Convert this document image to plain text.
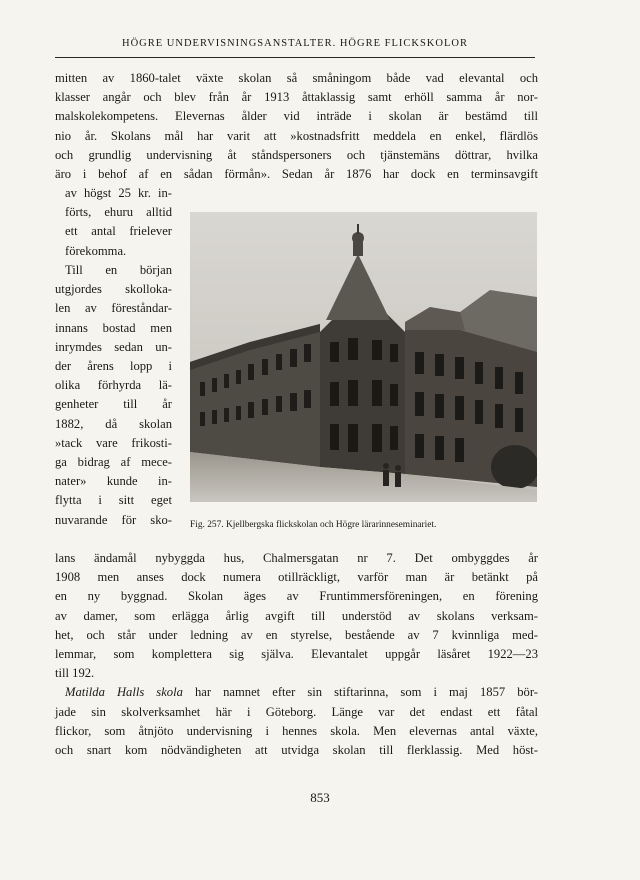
HÖGRE UNDERVISNINGSANSTALTER. HÖGRE FLICKSKOLOR
mitten av 1860-talet växte skolan så småningom både vad elevantal och
klasser angår och blev från år 1913 åttaklassig samt erhöll samma år nor-
malskolekompetens. Elevernas ålder vid inträde i skolan är bestämd till
nio år. Skolans mål har varit att »kostnadsfritt meddela en enkel, flärdlös
och grundlig undervisning åt ståndspersoners och tjänstemäns döttrar, hvilka
äro i behof af en sådan förmån». Sedan år 1876 har dock en terminsavgift
av högst 25 kr. in-
förts, ehuru alltid
ett antal frielever
förekomma.
Till en början
utgjordes skolloka-
len av föreståndar-
innans bostad men
inrymdes sedan un-
der årens lopp i
olika förhyrda lä-
genheter till år
1882, då skolan
»tack vare frikosti-
ga bidrag af mece-
nater» kunde in-
flytta i sitt eget
nuvarande för sko- Fig. 257. Kjellbergska flickskolan och Högre lärarinneseminariet.
lans ändamål nybyggda hus, Chalmersgatan nr 7. Det ombyggdes år
1908 men anses dock numera otillräckligt, varför man är betänkt på
en ny byggnad. Skolan äges av Fruntimmersföreningen, en förening
av damer, som erlägga årlig avgift till understöd av skolans verksam-
het, och står under ledning av en styrelse, bestående av 7 kvinnliga med-
lemmar, som komplettera sig själva. Elevantalet uppgår läsåret 1922—23
till 192.
Matilda Halls skola har namnet efter sin stiftarinna, som i maj 1857 bör-
jade sin skolverksamhet här i Göteborg. Länge var det endast ett fåtal
flickor, som åtnjöto undervisning i hennes skola. Men elevernas antal växte,
och snart kom nödvändigheten att utvidga skolan till flerklassig. Med höst-
853
